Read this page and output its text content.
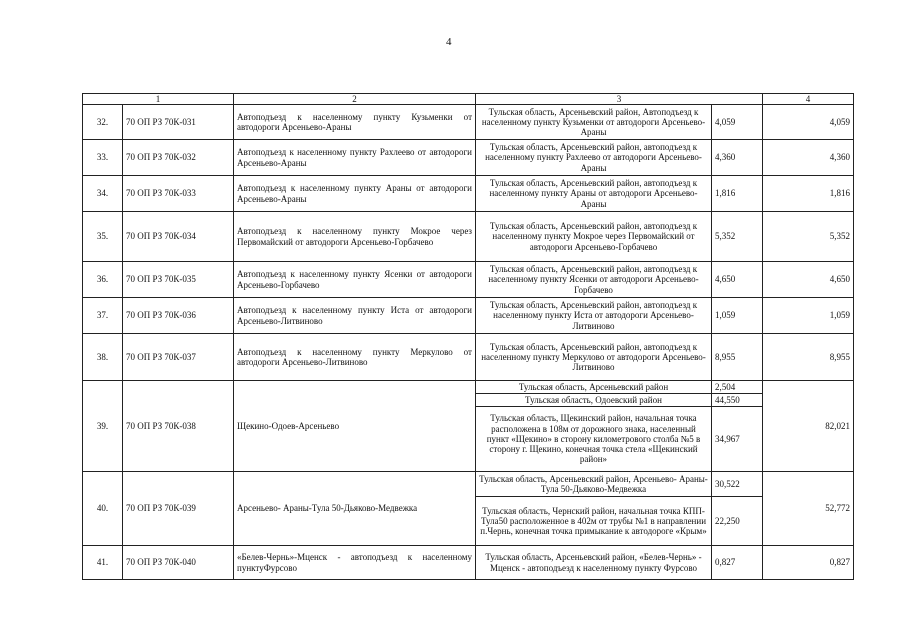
4
1		2	3		4
32.	70 ОП РЗ 70К-031	Автоподъезд к населенному пункту Кузьменки от автодороги Арсеньево-Араны	Тульская область, Арсеньевский район, Автоподъезд к населенному пункту Кузьменки от автодороги Арсеньево-Араны	4,059	4,059
33.	70 ОП РЗ 70К-032	Автоподъезд к населенному пункту Рахлеево от автодороги Арсеньево-Араны	Тульская область, Арсеньевский район, автоподъезд к населенному пункту Рахлеево от автодороги Арсеньево-Араны	4,360	4,360
34.	70 ОП РЗ 70К-033	Автоподъезд к населенному пункту Араны от автодороги Арсеньево-Араны	Тульская область, Арсеньевский район, автоподъезд к населенному пункту Араны от автодороги Арсеньево-Араны	1,816	1,816
35.	70 ОП РЗ 70К-034	Автоподъезд к населенному пункту Мокрое через Первомайский от автодороги Арсеньево-Горбачево	Тульская область, Арсеньевский район, автоподъезд к населенному пункту Мокрое через Первомайский от автодороги Арсеньево-Горбачево	5,352	5,352
36.	70 ОП РЗ 70К-035	Автоподъезд к населенному пункту Ясенки от автодороги Арсеньево-Горбачево	Тульская область, Арсеньевский район, автоподъезд к населенному пункту Ясенки от автодороги Арсеньево-Горбачево	4,650	4,650
37.	70 ОП РЗ 70К-036	Автоподъезд к населенному пункту Иста от автодороги Арсеньево-Литвиново	Тульская область, Арсеньевский район, автоподъезд к населенному пункту Иста от автодороги Арсеньево-Литвиново	1,059	1,059
38.	70 ОП РЗ 70К-037	Автоподъезд к населенному пункту Меркулово от автодороги Арсеньево-Литвиново	Тульская область, Арсеньевский район, автоподъезд к населенному пункту Меркулово от автодороги Арсеньево-Литвиново	8,955	8,955
39.	70 ОП РЗ 70К-038	Щекино-Одоев-Арсеньево	Тульская область, Арсеньевский район	2,504	82,021
			Тульская область, Одоевский район	44,550	
			Тульская область, Щекинский район, начальная точка расположена в 108м от дорожного знака, населенный пункт «Щекино» в сторону километрового столба №5 в сторону г. Щекино, конечная точка стела «Щекинский район»	34,967	
40.	70 ОП РЗ 70К-039	Арсеньево- Араны-Тула 50-Дьяково-Медвежка	Тульская область, Арсеньевский район, Арсеньево- Араны-Тула 50-Дьяково-Медвежка	30,522	52,772
			Тульская область, Чернский район, начальная точка КПП-Тула50 расположенное в 402м от трубы №1 в направлении п.Чернь, конечная точка примыкание к автодороге «Крым»	22,250	
41.	70 ОП РЗ 70К-040	«Белев-Чернь»-Мценск - автоподъезд к населенному пунктуФурсово	Тульская область, Арсеньевский район, «Белев-Чернь» - Мценск - автоподъезд к населенному пункту Фурсово	0,827	0,827
